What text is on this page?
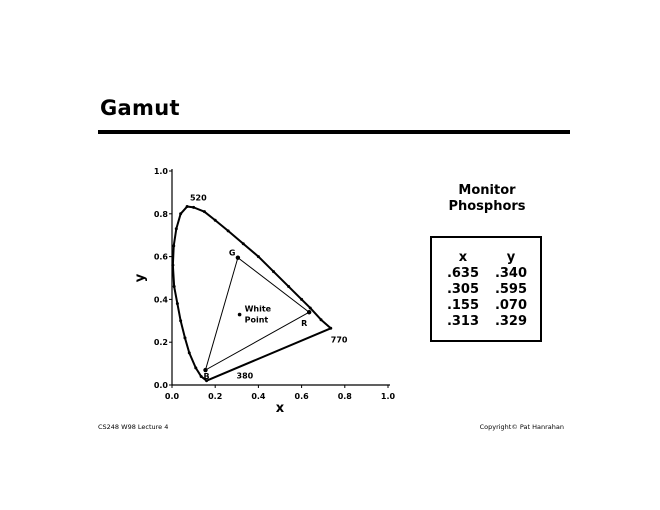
Gamut
0.0	0.2	0.4	0.6	0.8	1.0
0.0
0.2
0.4
0.6
0.8
1.0
x
y
R
G
B
520
770
380
White
Point
Monitor
Phosphors
x	y
.635	.340
.305	.595
.155	.070
.313	.329
CS248 W98 Lecture 4	Copyright© Pat Hanrahan
